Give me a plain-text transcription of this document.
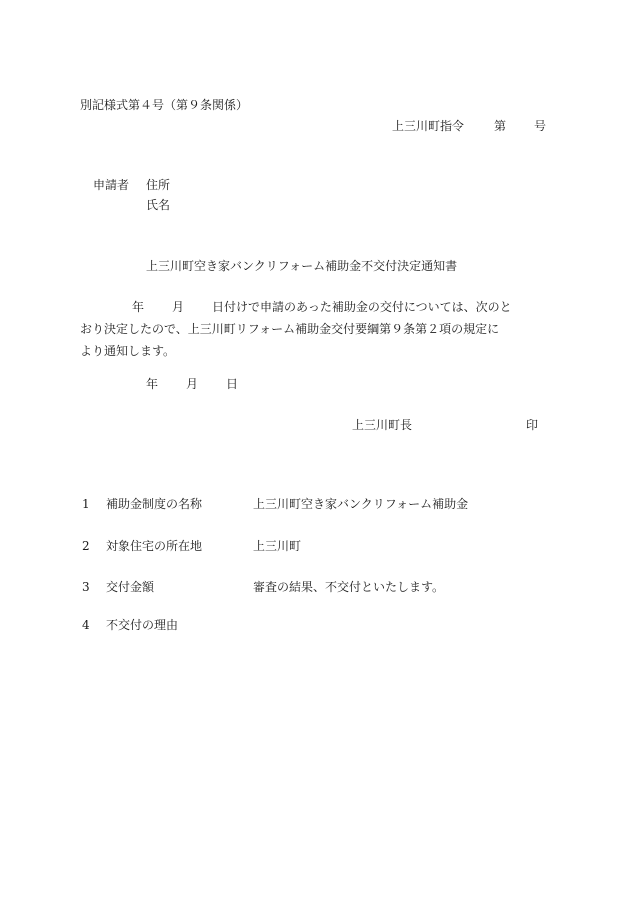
別記様式第４号（第９条関係）
上三川町指令	第 号
申請者 住所
氏名
上三川町空き家バンクリフォーム補助金不交付決定通知書
年 月 日付けで申請のあった補助金の交付については、次のと
おり決定したので、上三川町リフォーム補助金交付要綱第９条第２項の規定に
より通知します。
年 月 日
上三川町長	印
1 補助金制度の名称	上三川町空き家バンクリフォーム補助金
2 対象住宅の所在地	上三川町
3 交付金額	審査の結果、不交付といたします。
4 不交付の理由
